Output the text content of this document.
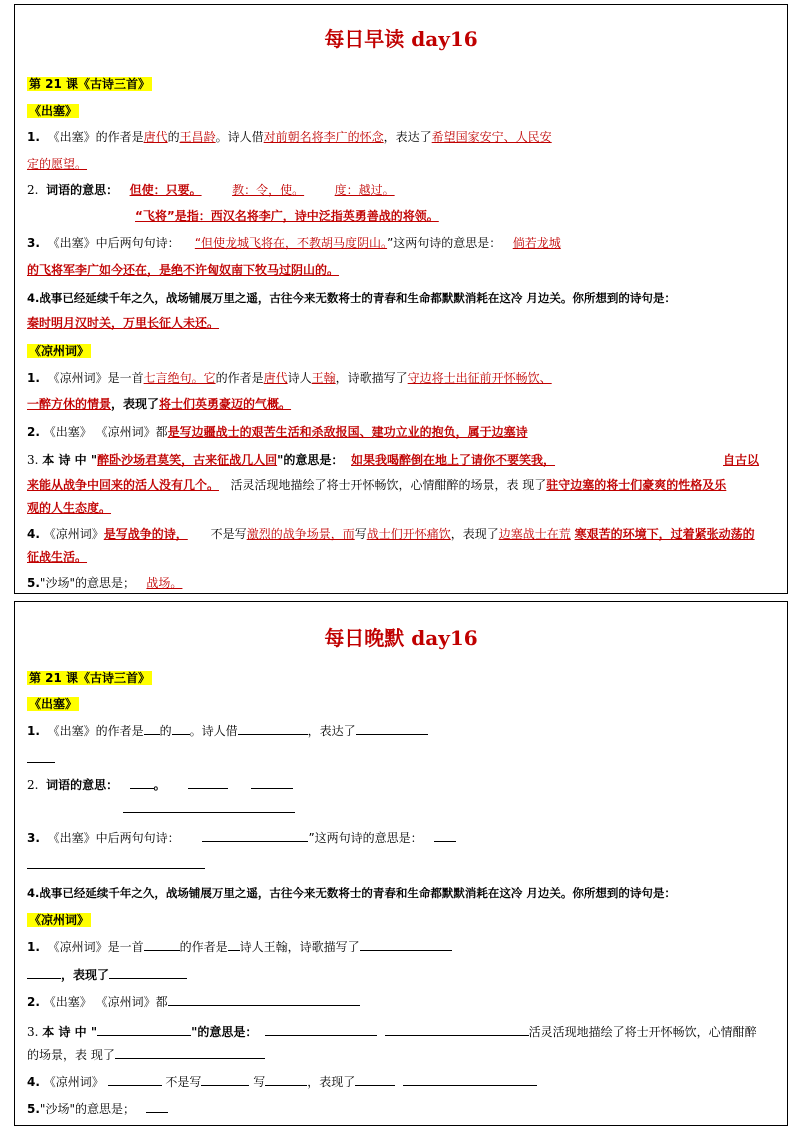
每日早读 day16
第 21 课《古诗三首》
《出塞》
1. 《出塞》的作者是唐代的王昌龄。诗人借对前朝名将李广的怀念，表达了希望国家安宁、人民安
定的愿望。
2. 词语的意思： 但使：只要。	教：令，使。	度：越过。
“飞将”是指：西汉名将李广，诗中泛指英勇善战的将领。
3. 《出塞》中后两句句诗： “但使龙城飞将在，不教胡马度阴山。”这两句诗的意思是： 倘若龙城
的飞将军李广如今还在，是绝不许匈奴南下牧马过阴山的。
4.战事已经延续千年之久，战场铺展万里之遥，古往今来无数将士的青春和生命都默默消耗在这冷 月边关。你所想到的诗句是：
秦时明月汉时关，万里长征人未还。
《凉州词》
1. 《凉州词》是一首七言绝句。它的作者是唐代诗人王翰，诗歌描写了守边将士出征前开怀畅饮、
一醉方休的情景，表现了将士们英勇豪迈的气概。
2. 《出塞》 《凉州词》都是写边疆战士的艰苦生活和杀敌报国、建功立业的抱负，属于边塞诗
3. 本 诗 中 "醉卧沙场君莫笑，古来征战几人回"的意思是： 如果我喝醉倒在地上了请你不要笑我，	自古以
来能从战争中回来的活人没有几个。 活灵活现地描绘了将士开怀畅饮，心情酣醉的场景，表 现了驻守边塞的将士们豪爽的性格及乐
观的人生态度。
4. 《凉州词》是写战争的诗， 不是写激烈的战争场景，而写战士们开怀痛饮，表现了边塞战士在荒 寒艰苦的环境下，过着紧张动荡的
征战生活。
5."沙场"的意思是； 战场。
每日晚默 day16
第 21 课《古诗三首》
《出塞》
1. 《出塞》的作者是 的 。诗人借	，表达了
2. 词语的意思：	。
3. 《出塞》中后两句句诗：	”这两句诗的意思是：
4.战事已经延续千年之久，战场铺展万里之遥，古往今来无数将士的青春和生命都默默消耗在这冷 月边关。你所想到的诗句是：
《凉州词》
1. 《凉州词》是一首	的作者是 诗人王翰，诗歌描写了
，表现了
2. 《出塞》 《凉州词》都
3. 本 诗 中 "	"的意思是：	活灵活现地描绘了将士开怀畅饮，心情酣醉
的场景，表 现了
4. 《凉州词》	不是写	写	，表现了
5."沙场"的意思是；
